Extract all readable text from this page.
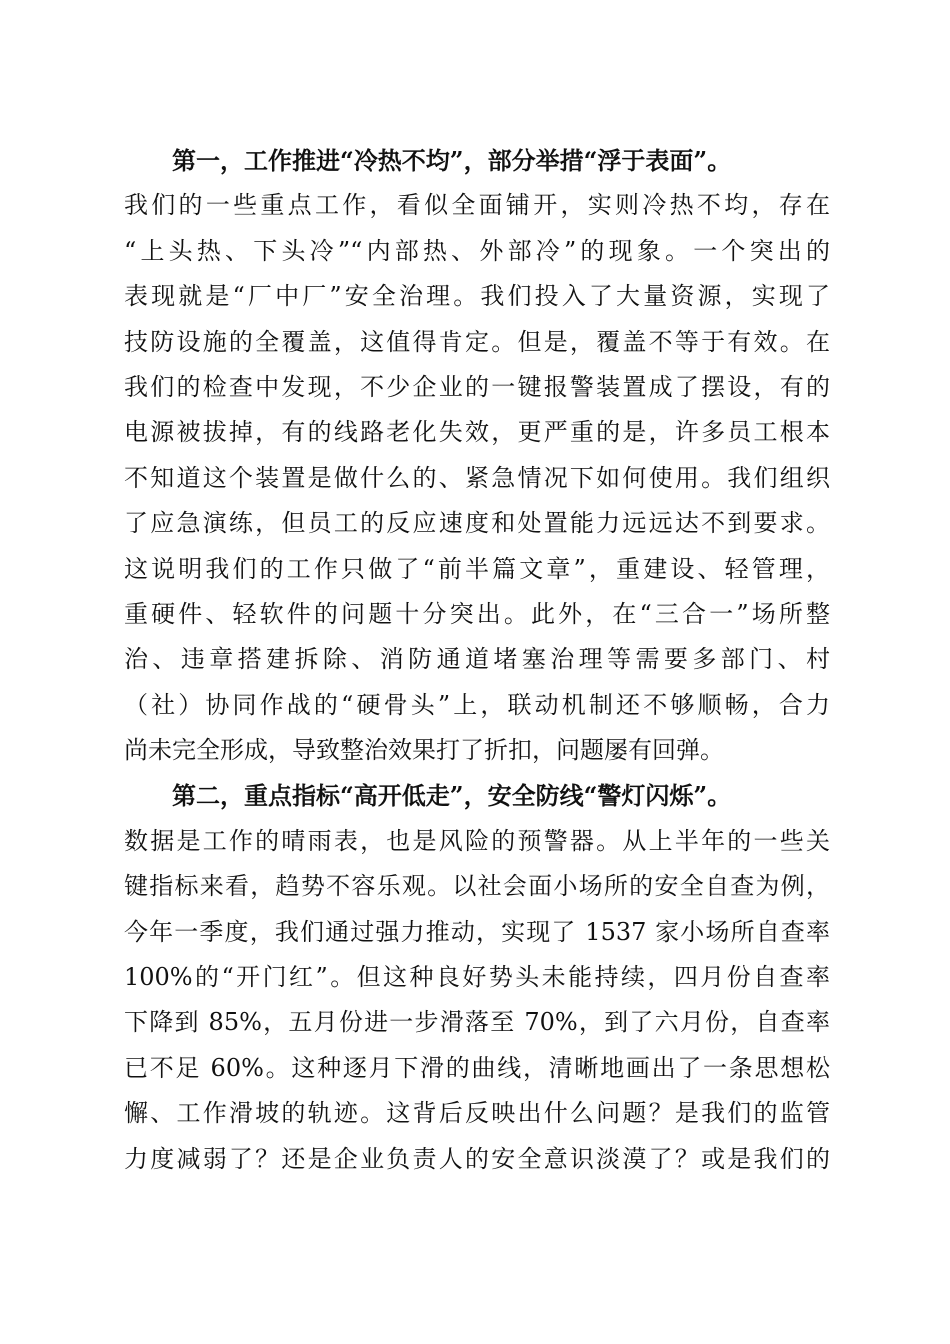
第一，工作推进“冷热不均”，部分举措“浮于表面”。
我们的一些重点工作，看似全面铺开，实则冷热不均，存在
“上头热、下头冷”“内部热、外部冷”的现象。一个突出的
表现就是“厂中厂”安全治理。我们投入了大量资源，实现了
技防设施的全覆盖，这值得肯定。但是，覆盖不等于有效。在
我们的检查中发现，不少企业的一键报警装置成了摆设，有的
电源被拔掉，有的线路老化失效，更严重的是，许多员工根本
不知道这个装置是做什么的、紧急情况下如何使用。我们组织
了应急演练，但员工的反应速度和处置能力远远达不到要求。
这说明我们的工作只做了“前半篇文章”，重建设、轻管理，
重硬件、轻软件的问题十分突出。此外，在“三合一”场所整
治、违章搭建拆除、消防通道堵塞治理等需要多部门、村
（社）协同作战的“硬骨头”上，联动机制还不够顺畅，合力
尚未完全形成，导致整治效果打了折扣，问题屡有回弹。
第二，重点指标“高开低走”，安全防线“警灯闪烁”。
数据是工作的晴雨表，也是风险的预警器。从上半年的一些关
键指标来看，趋势不容乐观。以社会面小场所的安全自查为例，
今年一季度，我们通过强力推动，实现了 1537 家小场所自查率
100%的“开门红”。但这种良好势头未能持续，四月份自查率
下降到 85%，五月份进一步滑落至 70%，到了六月份，自查率
已不足 60%。这种逐月下滑的曲线，清晰地画出了一条思想松
懈、工作滑坡的轨迹。这背后反映出什么问题？是我们的监管
力度减弱了？还是企业负责人的安全意识淡漠了？或是我们的
